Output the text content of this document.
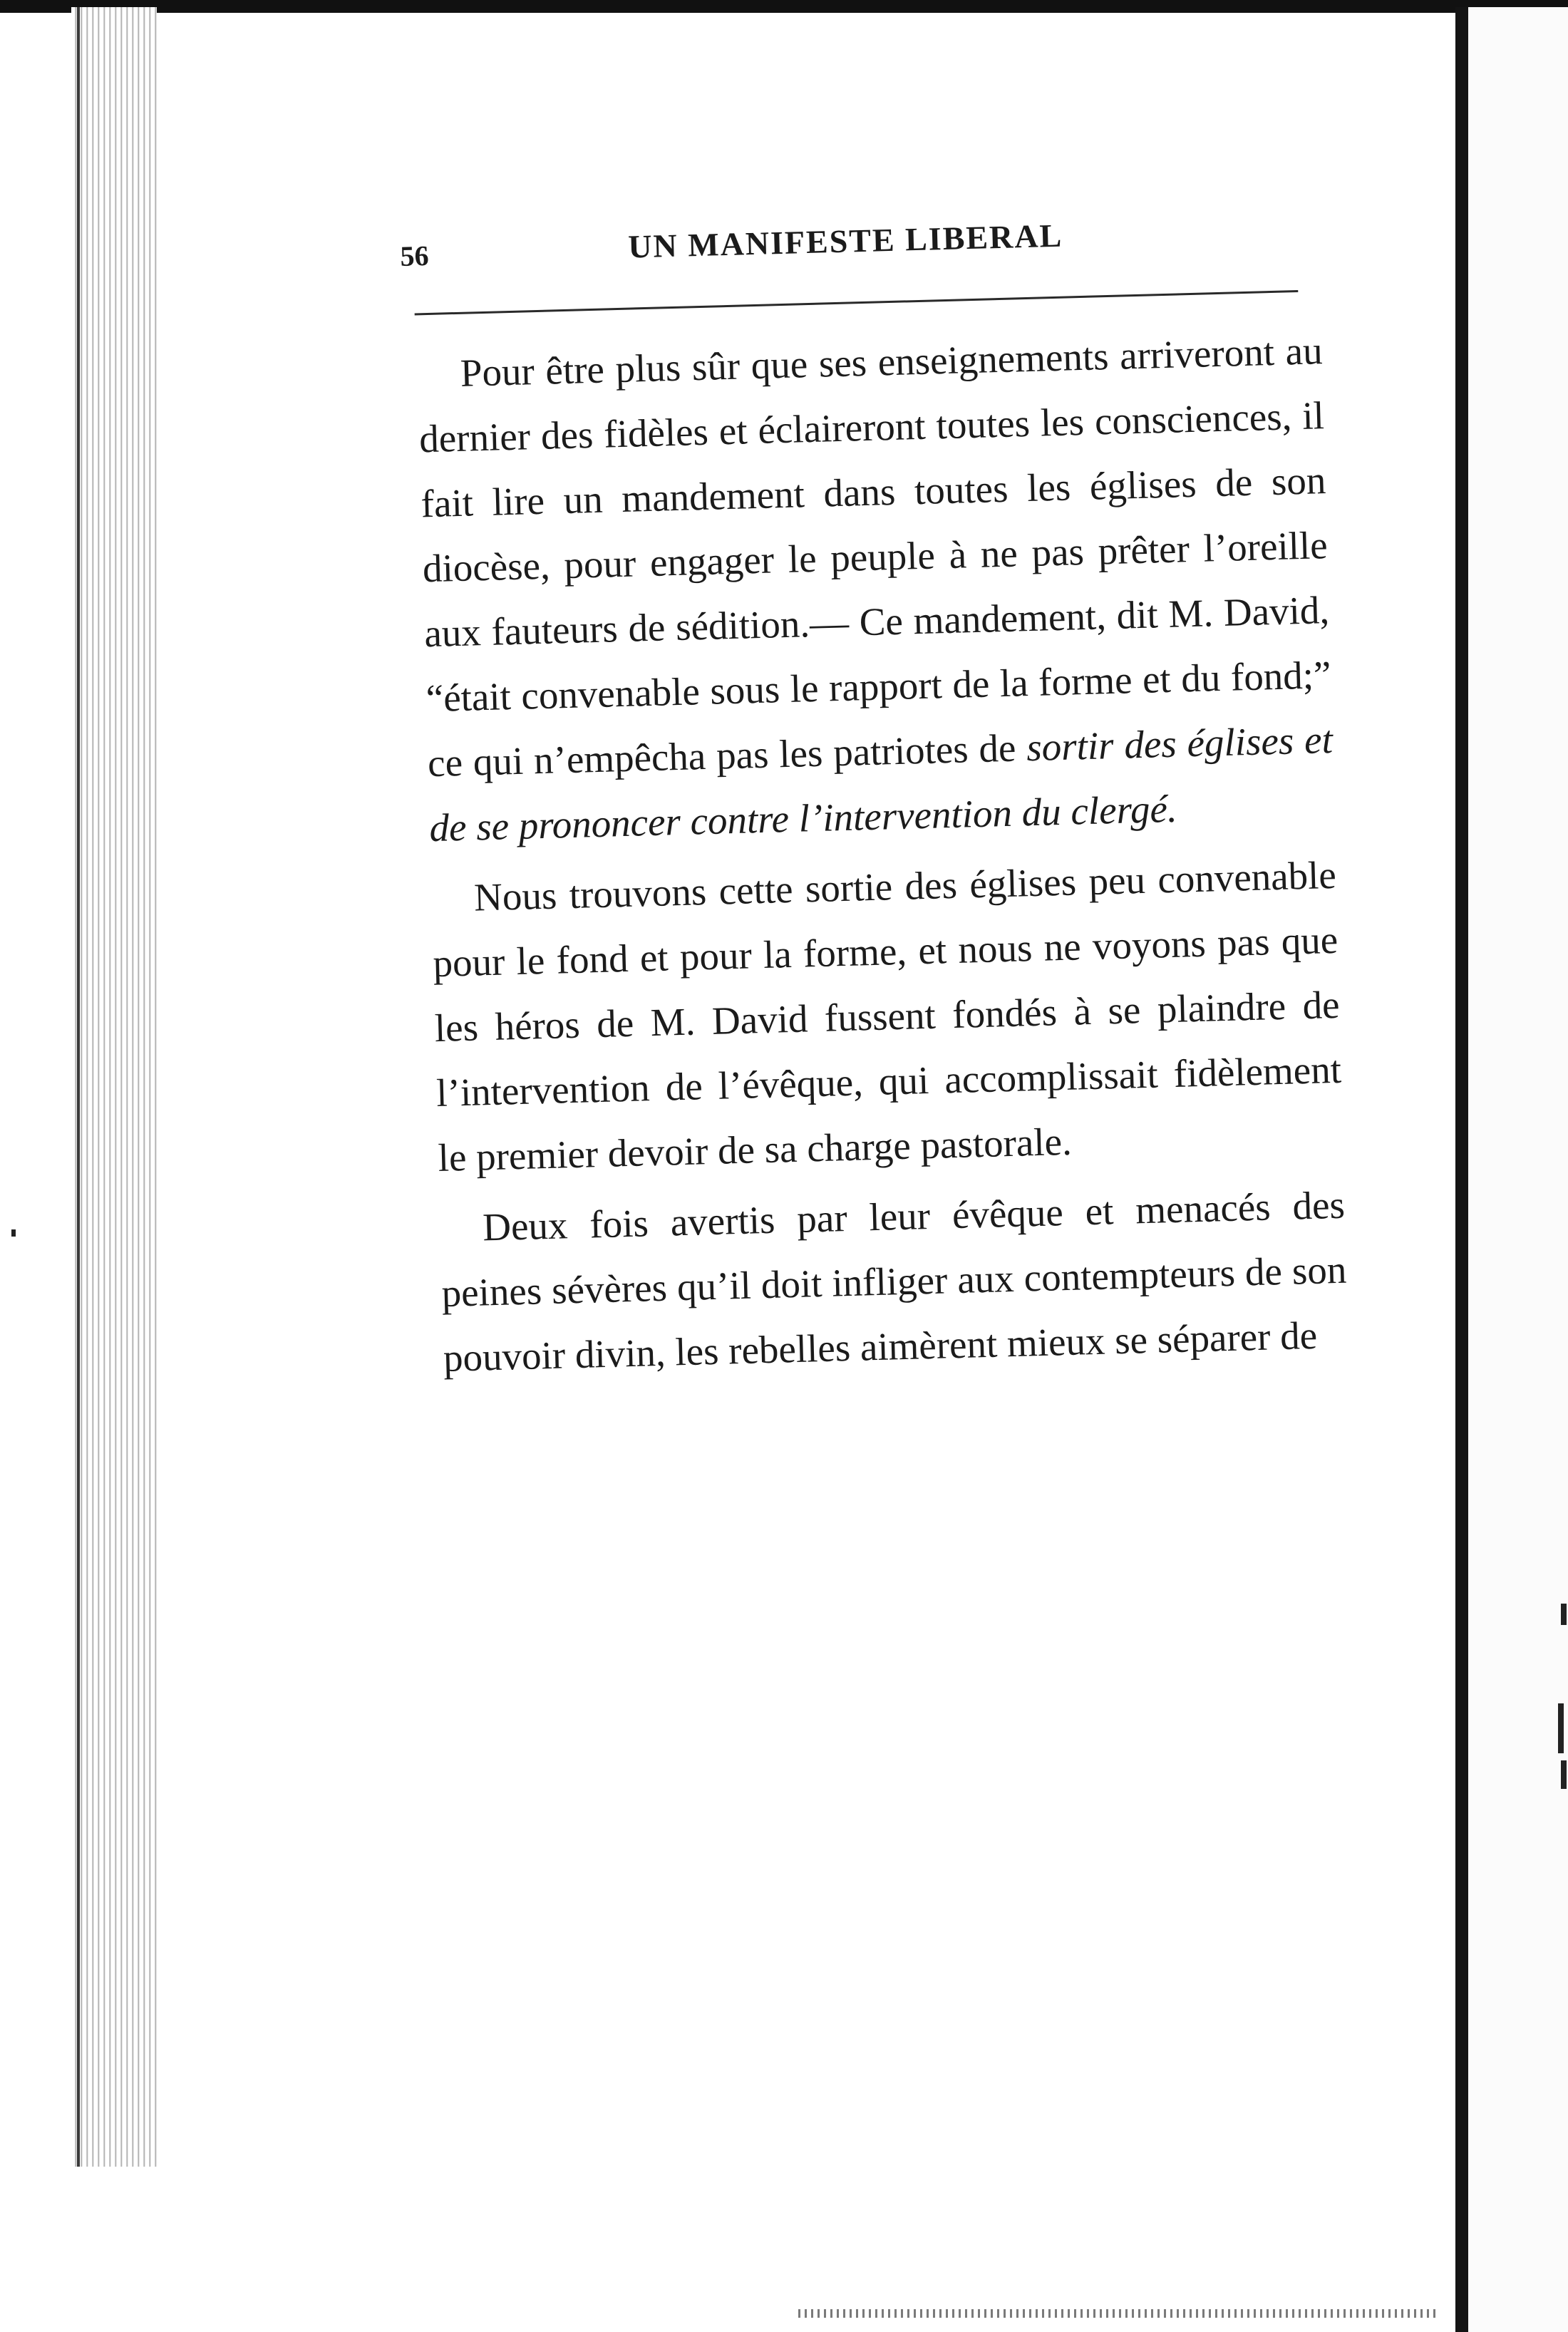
56	UN MANIFESTE LIBERAL

Pour être plus sûr que ses enseignements arriveront au dernier des fidèles et éclaireront toutes les consciences, il fait lire un mandement dans toutes les églises de son diocèse, pour engager le peuple à ne pas prêter l’oreille aux fauteurs de sédition.— Ce mandement, dit M. David, “était convenable sous le rapport de la forme et du fond;” ce qui n’empêcha pas les patriotes de sortir des églises et de se prononcer contre l’intervention du clergé.

Nous trouvons cette sortie des églises peu convenable pour le fond et pour la forme, et nous ne voyons pas que les héros de M. David fussent fondés à se plaindre de l’intervention de l’évêque, qui accomplissait fidèlement le premier devoir de sa charge pastorale.

Deux fois avertis par leur évêque et menacés des peines sévères qu’il doit infliger aux contempteurs de son pouvoir divin, les rebelles aimèrent mieux se séparer de
